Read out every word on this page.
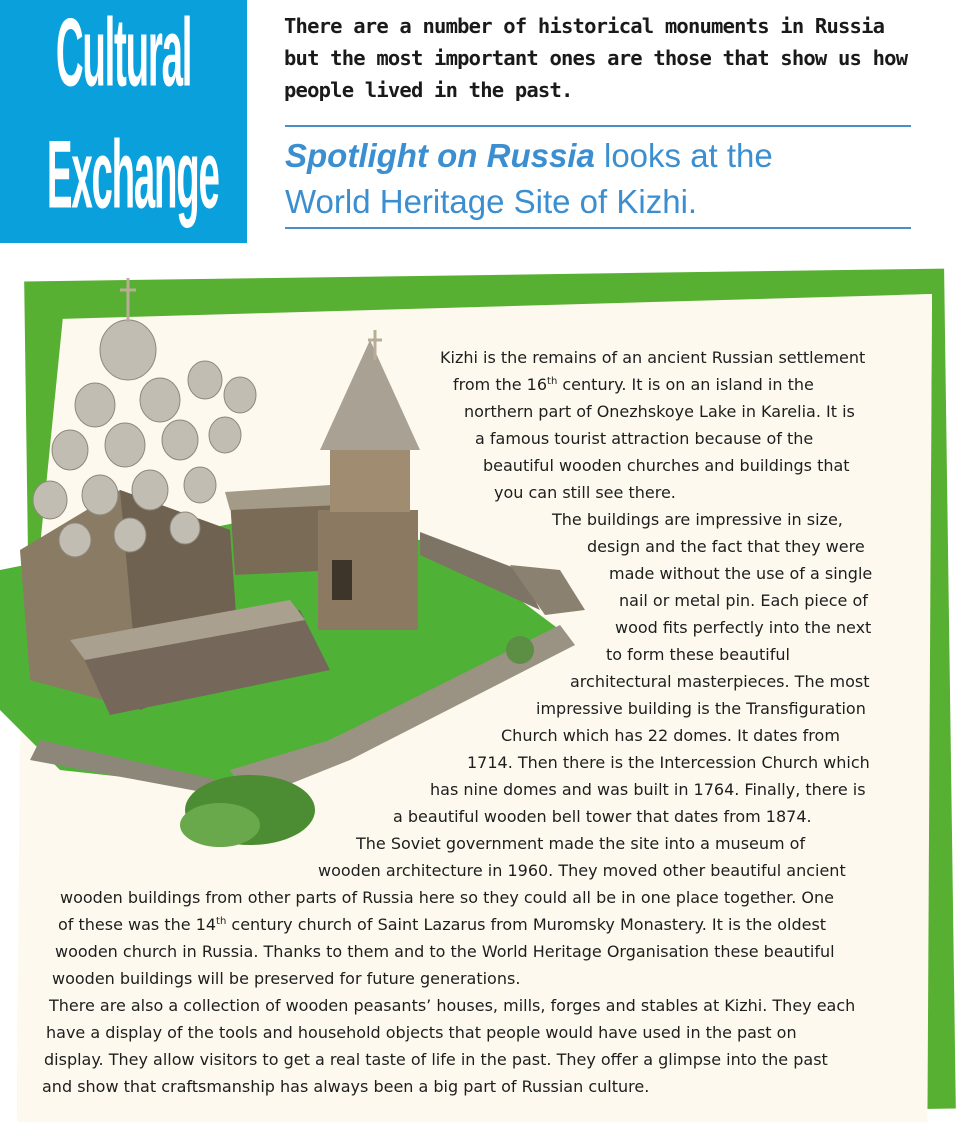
Cultural
Exchange
There are a number of historical monuments in Russia
but the most important ones are those that show us how
people lived in the past.
Spotlight on Russia looks at the
World Heritage Site of Kizhi.
Kizhi is the remains of an ancient Russian settlement
from the 16th century. It is on an island in the
northern part of Onezhskoye Lake in Karelia. It is
a famous tourist attraction because of the
beautiful wooden churches and buildings that
you can still see there.
The buildings are impressive in size,
design and the fact that they were
made without the use of a single
nail or metal pin. Each piece of
wood fits perfectly into the next
to form these beautiful
architectural masterpieces. The most
impressive building is the Transfiguration
Church which has 22 domes. It dates from
1714. Then there is the Intercession Church which
has nine domes and was built in 1764. Finally, there is
a beautiful wooden bell tower that dates from 1874.
The Soviet government made the site into a museum of
wooden architecture in 1960. They moved other beautiful ancient
wooden buildings from other parts of Russia here so they could all be in one place together. One
of these was the 14th century church of Saint Lazarus from Muromsky Monastery. It is the oldest
wooden church in Russia. Thanks to them and to the World Heritage Organisation these beautiful
wooden buildings will be preserved for future generations.
There are also a collection of wooden peasants’ houses, mills, forges and stables at Kizhi. They each
have a display of the tools and household objects that people would have used in the past on
display. They allow visitors to get a real taste of life in the past. They offer a glimpse into the past
and show that craftsmanship has always been a big part of Russian culture.
